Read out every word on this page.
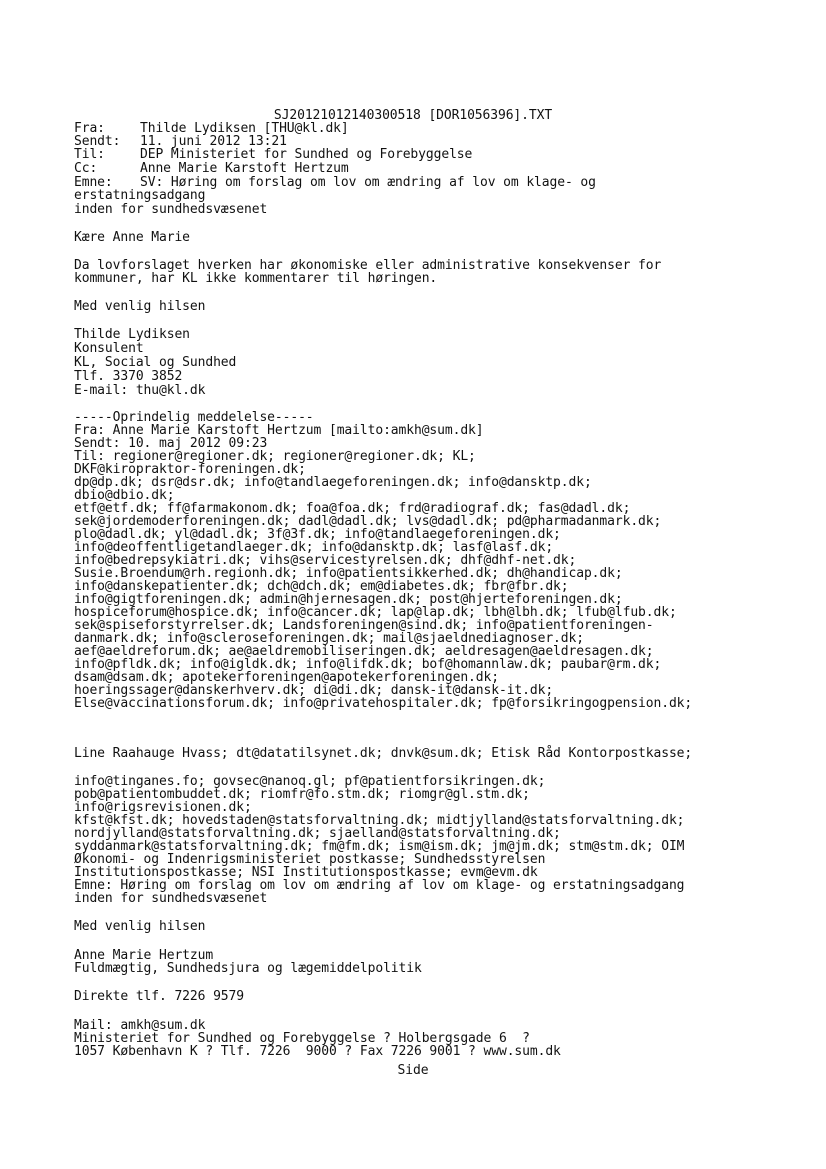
SJ20121012140300518 [DOR1056396].TXT
Fra:	Thilde Lydiksen [THU@kl.dk]
Sendt: 11. juni 2012 13:21
Til:	DEP Ministeriet for Sundhed og Forebyggelse
Cc:	Anne Marie Karstoft Hertzum
Emne: SV: Høring om forslag om lov om ændring af lov om klage- og
erstatningsadgang
inden for sundhedsvæsenet
Kære Anne Marie
Da lovforslaget hverken har økonomiske eller administrative konsekvenser for
kommuner, har KL ikke kommentarer til høringen.
Med venlig hilsen
Thilde Lydiksen
Konsulent
KL, Social og Sundhed
Tlf. 3370 3852
E-mail: thu@kl.dk
-----Oprindelig meddelelse-----
Fra: Anne Marie Karstoft Hertzum [mailto:amkh@sum.dk]
Sendt: 10. maj 2012 09:23
Til: regioner@regioner.dk; regioner@regioner.dk; KL;
DKF@kiropraktor-foreningen.dk;
dp@dp.dk; dsr@dsr.dk; info@tandlaegeforeningen.dk; info@dansktp.dk;
dbio@dbio.dk;
etf@etf.dk; ff@farmakonom.dk; foa@foa.dk; frd@radiograf.dk; fas@dadl.dk;
sek@jordemoderforeningen.dk; dadl@dadl.dk; lvs@dadl.dk; pd@pharmadanmark.dk;
plo@dadl.dk; yl@dadl.dk; 3f@3f.dk; info@tandlaegeforeningen.dk;
info@deoffentligetandlaeger.dk; info@dansktp.dk; lasf@lasf.dk;
info@bedrepsykiatri.dk; vihs@servicestyrelsen.dk; dhf@dhf-net.dk;
Susie.Broendum@rh.regionh.dk; info@patientsikkerhed.dk; dh@handicap.dk;
info@danskepatienter.dk; dch@dch.dk; em@diabetes.dk; fbr@fbr.dk;
info@gigtforeningen.dk; admin@hjernesagen.dk; post@hjerteforeningen.dk;
hospiceforum@hospice.dk; info@cancer.dk; lap@lap.dk; lbh@lbh.dk; lfub@lfub.dk;
sek@spiseforstyrrelser.dk; Landsforeningen@sind.dk; info@patientforeningen-
danmark.dk; info@scleroseforeningen.dk; mail@sjaeldnediagnoser.dk;
aef@aeldreforum.dk; ae@aeldremobiliseringen.dk; aeldresagen@aeldresagen.dk;
info@pfldk.dk; info@igldk.dk; info@lifdk.dk; bof@homannlaw.dk; paubar@rm.dk;
dsam@dsam.dk; apotekerforeningen@apotekerforeningen.dk;
hoeringssager@danskerhverv.dk; di@di.dk; dansk-it@dansk-it.dk;
Else@vaccinationsforum.dk; info@privatehospitaler.dk; fp@forsikringogpension.dk;
Line Raahauge Hvass; dt@datatilsynet.dk; dnvk@sum.dk; Etisk Råd Kontorpostkasse;
info@tinganes.fo; govsec@nanoq.gl; pf@patientforsikringen.dk;
pob@patientombuddet.dk; riomfr@fo.stm.dk; riomgr@gl.stm.dk;
info@rigsrevisionen.dk;
kfst@kfst.dk; hovedstaden@statsforvaltning.dk; midtjylland@statsforvaltning.dk;
nordjylland@statsforvaltning.dk; sjaelland@statsforvaltning.dk;
syddanmark@statsforvaltning.dk; fm@fm.dk; ism@ism.dk; jm@jm.dk; stm@stm.dk; OIM
Økonomi- og Indenrigsministeriet postkasse; Sundhedsstyrelsen
Institutionspostkasse; NSI Institutionspostkasse; evm@evm.dk
Emne: Høring om forslag om lov om ændring af lov om klage- og erstatningsadgang
inden for sundhedsvæsenet
Med venlig hilsen
Anne Marie Hertzum
Fuldmægtig, Sundhedsjura og lægemiddelpolitik
Direkte tlf. 7226 9579
Mail: amkh@sum.dk
Ministeriet for Sundhed og Forebyggelse ? Holbergsgade 6  ?
1057 København K ? Tlf. 7226  9000 ? Fax 7226 9001 ? www.sum.dk
Side
